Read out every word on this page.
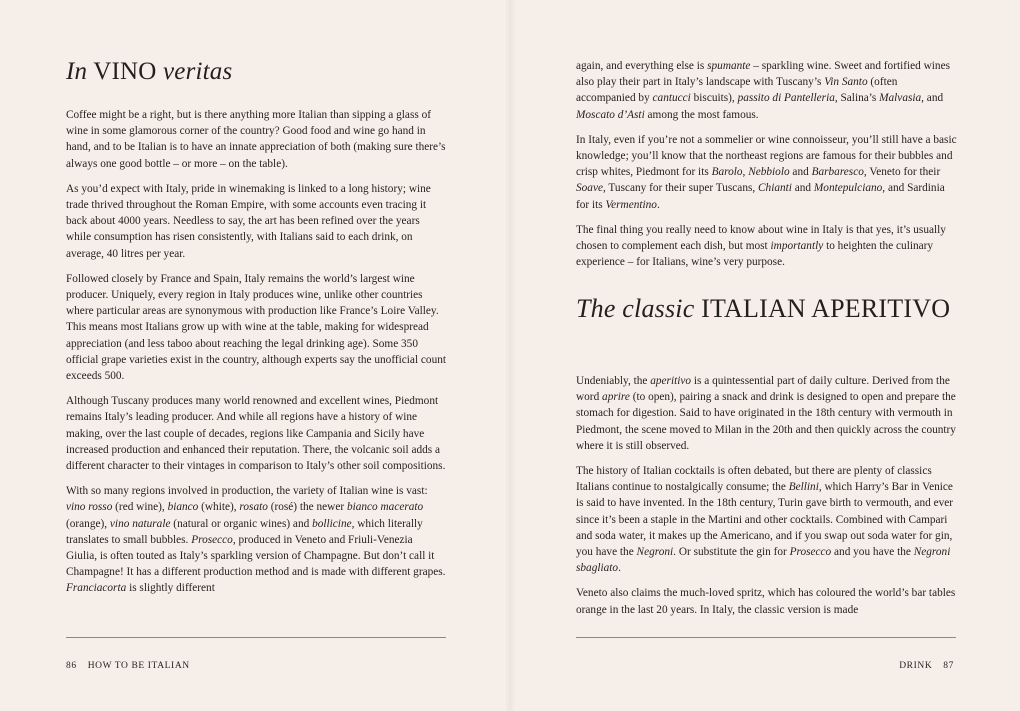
In VINO veritas

Coffee might be a right, but is there anything more Italian than sipping a glass of wine in some glamorous corner of the country? Good food and wine go hand in hand, and to be Italian is to have an innate appreciation of both (making sure there’s always one good bottle – or more – on the table).

As you’d expect with Italy, pride in winemaking is linked to a long history; wine trade thrived throughout the Roman Empire, with some accounts even tracing it back about 4000 years. Needless to say, the art has been refined over the years while consumption has risen consistently, with Italians said to each drink, on average, 40 litres per year.

Followed closely by France and Spain, Italy remains the world’s largest wine producer. Uniquely, every region in Italy produces wine, unlike other countries where particular areas are synonymous with production like France’s Loire Valley. This means most Italians grow up with wine at the table, making for widespread appreciation (and less taboo about reaching the legal drinking age). Some 350 official grape varieties exist in the country, although experts say the unofficial count exceeds 500.

Although Tuscany produces many world renowned and excellent wines, Piedmont remains Italy’s leading producer. And while all regions have a history of wine making, over the last couple of decades, regions like Campania and Sicily have increased production and enhanced their reputation. There, the volcanic soil adds a different character to their vintages in comparison to Italy’s other soil compositions.

With so many regions involved in production, the variety of Italian wine is vast: vino rosso (red wine), bianco (white), rosato (rosé) the newer bianco macerato (orange), vino naturale (natural or organic wines) and bollicine, which literally translates to small bubbles. Prosecco, produced in Veneto and Friuli-Venezia Giulia, is often touted as Italy’s sparkling version of Champagne. But don’t call it Champagne! It has a different production method and is made with different grapes. Franciacorta is slightly different

86 HOW TO BE ITALIAN

again, and everything else is spumante – sparkling wine. Sweet and fortified wines also play their part in Italy’s landscape with Tuscany’s Vin Santo (often accompanied by cantucci biscuits), passito di Pantelleria, Salina’s Malvasia, and Moscato d’Asti among the most famous.

In Italy, even if you’re not a sommelier or wine connoisseur, you’ll still have a basic knowledge; you’ll know that the northeast regions are famous for their bubbles and crisp whites, Piedmont for its Barolo, Nebbiolo and Barbaresco, Veneto for their Soave, Tuscany for their super Tuscans, Chianti and Montepulciano, and Sardinia for its Vermentino.

The final thing you really need to know about wine in Italy is that yes, it’s usually chosen to complement each dish, but most importantly to heighten the culinary experience – for Italians, wine’s very purpose.

The classic ITALIAN APERITIVO

Undeniably, the aperitivo is a quintessential part of daily culture. Derived from the word aprire (to open), pairing a snack and drink is designed to open and prepare the stomach for digestion. Said to have originated in the 18th century with vermouth in Piedmont, the scene moved to Milan in the 20th and then quickly across the country where it is still observed.

The history of Italian cocktails is often debated, but there are plenty of classics Italians continue to nostalgically consume; the Bellini, which Harry’s Bar in Venice is said to have invented. In the 18th century, Turin gave birth to vermouth, and ever since it’s been a staple in the Martini and other cocktails. Combined with Campari and soda water, it makes up the Americano, and if you swap out soda water for gin, you have the Negroni. Or substitute the gin for Prosecco and you have the Negroni sbagliato.

Veneto also claims the much-loved spritz, which has coloured the world’s bar tables orange in the last 20 years. In Italy, the classic version is made

DRINK 87
